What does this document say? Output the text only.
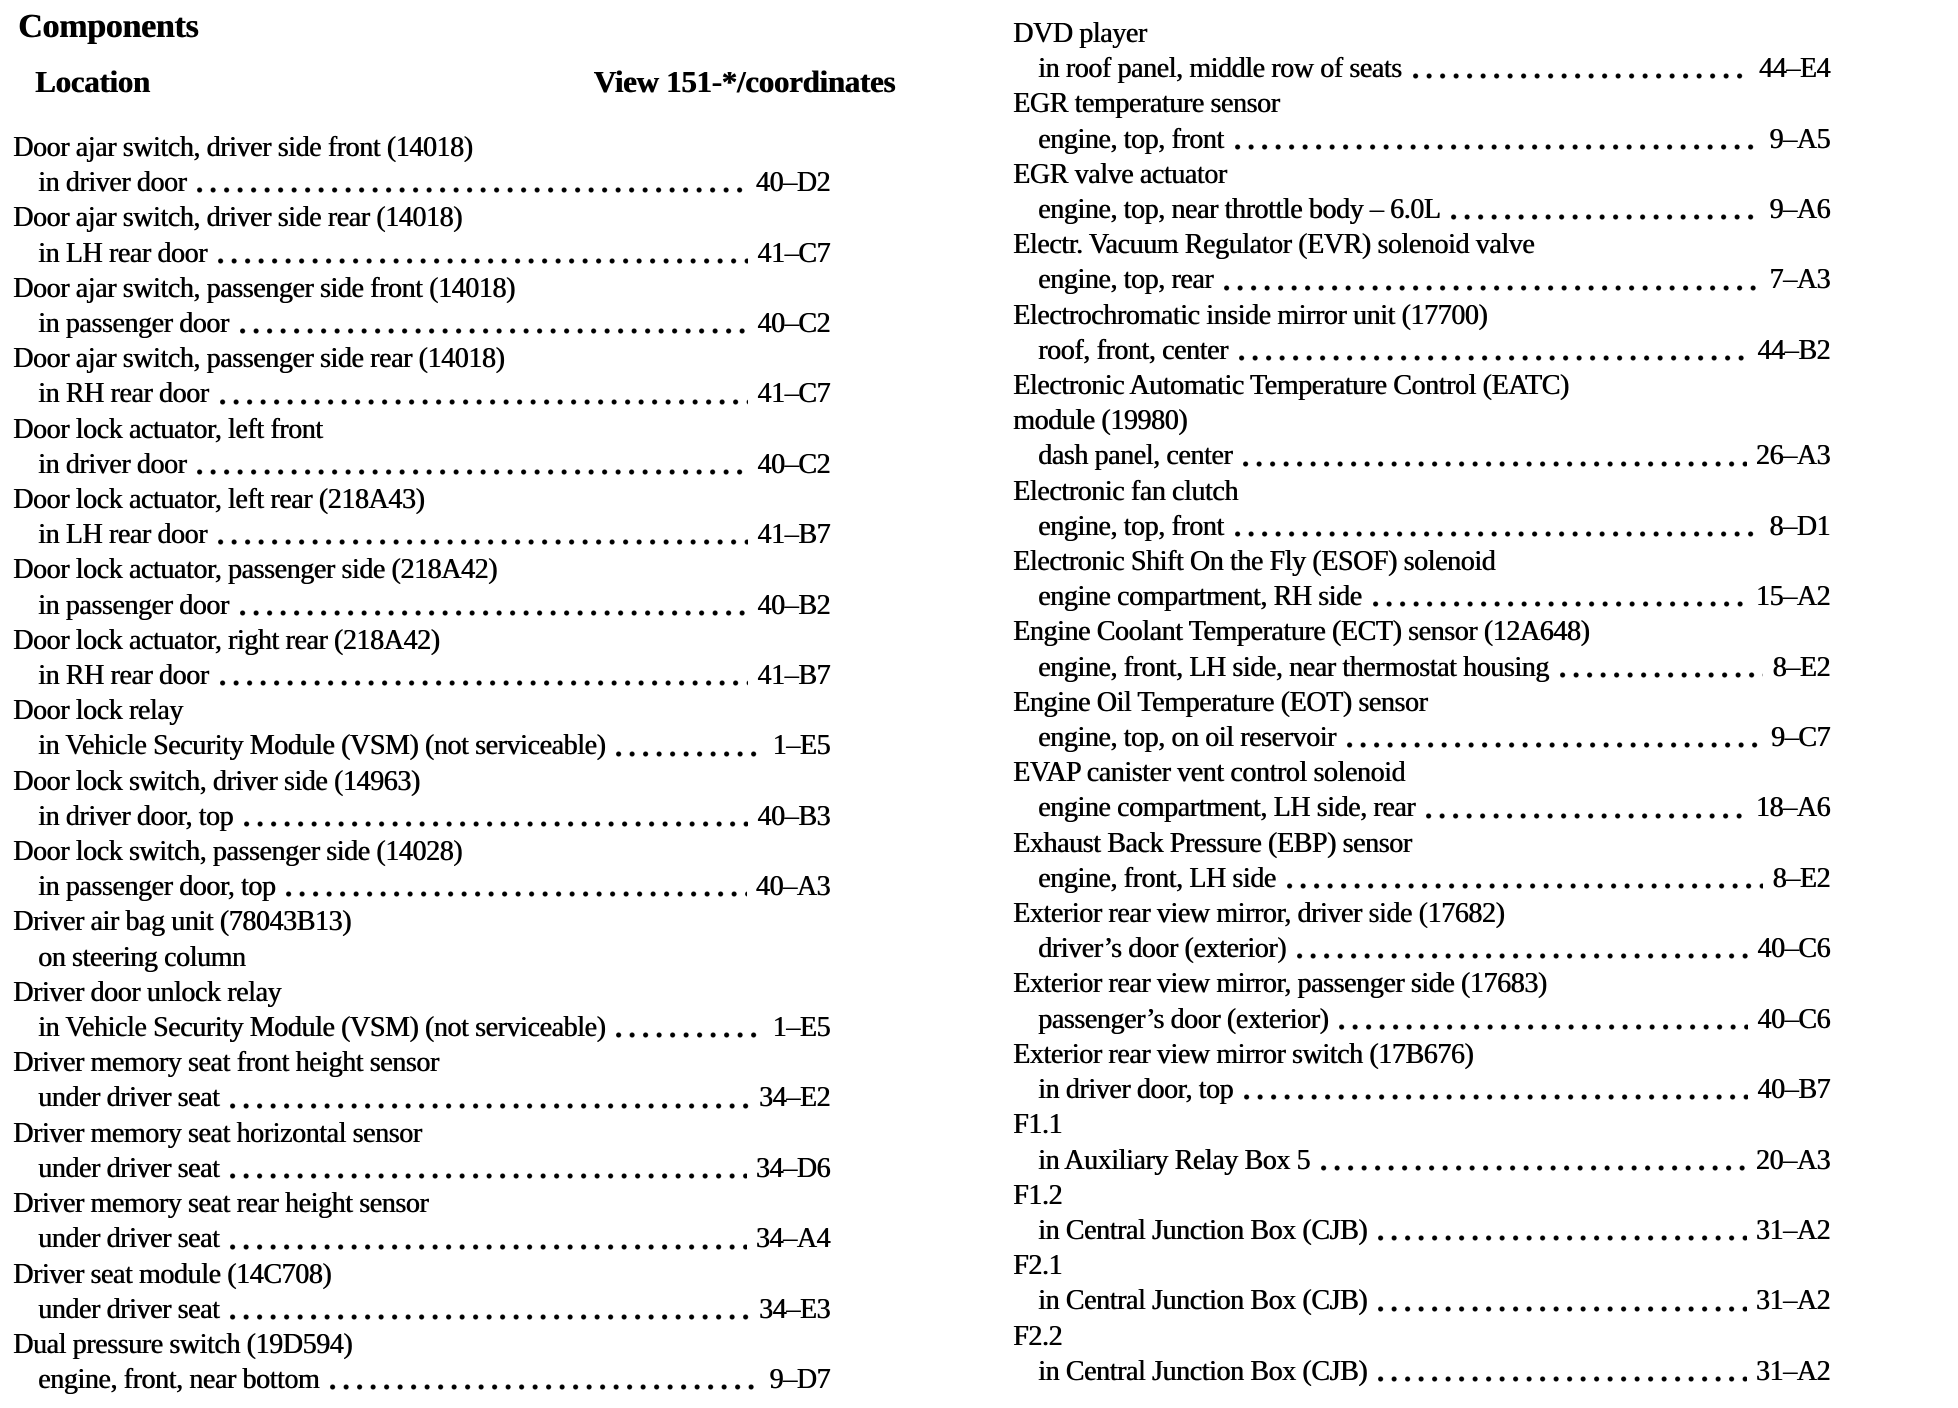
Components
Location	View 151-*/coordinates
Door ajar switch, driver side front (14018)
in driver door	40–D2
Door ajar switch, driver side rear (14018)
in LH rear door	41–C7
Door ajar switch, passenger side front (14018)
in passenger door	40–C2
Door ajar switch, passenger side rear (14018)
in RH rear door	41–C7
Door lock actuator, left front
in driver door	40–C2
Door lock actuator, left rear (218A43)
in LH rear door	41–B7
Door lock actuator, passenger side (218A42)
in passenger door	40–B2
Door lock actuator, right rear (218A42)
in RH rear door	41–B7
Door lock relay
in Vehicle Security Module (VSM) (not serviceable)	1–E5
Door lock switch, driver side (14963)
in driver door, top	40–B3
Door lock switch, passenger side (14028)
in passenger door, top	40–A3
Driver air bag unit (78043B13)
on steering column
Driver door unlock relay
in Vehicle Security Module (VSM) (not serviceable)	1–E5
Driver memory seat front height sensor
under driver seat	34–E2
Driver memory seat horizontal sensor
under driver seat	34–D6
Driver memory seat rear height sensor
under driver seat	34–A4
Driver seat module (14C708)
under driver seat	34–E3
Dual pressure switch (19D594)
engine, front, near bottom	9–D7
DVD player
in roof panel, middle row of seats	44–E4
EGR temperature sensor
engine, top, front	9–A5
EGR valve actuator
engine, top, near throttle body – 6.0L	9–A6
Electr. Vacuum Regulator (EVR) solenoid valve
engine, top, rear	7–A3
Electrochromatic inside mirror unit (17700)
roof, front, center	44–B2
Electronic Automatic Temperature Control (EATC)
module (19980)
dash panel, center	26–A3
Electronic fan clutch
engine, top, front	8–D1
Electronic Shift On the Fly (ESOF) solenoid
engine compartment, RH side	15–A2
Engine Coolant Temperature (ECT) sensor (12A648)
engine, front, LH side, near thermostat housing	8–E2
Engine Oil Temperature (EOT) sensor
engine, top, on oil reservoir	9–C7
EVAP canister vent control solenoid
engine compartment, LH side, rear	18–A6
Exhaust Back Pressure (EBP) sensor
engine, front, LH side	8–E2
Exterior rear view mirror, driver side (17682)
driver’s door (exterior)	40–C6
Exterior rear view mirror, passenger side (17683)
passenger’s door (exterior)	40–C6
Exterior rear view mirror switch (17B676)
in driver door, top	40–B7
F1.1
in Auxiliary Relay Box 5	20–A3
F1.2
in Central Junction Box (CJB)	31–A2
F2.1
in Central Junction Box (CJB)	31–A2
F2.2
in Central Junction Box (CJB)	31–A2
